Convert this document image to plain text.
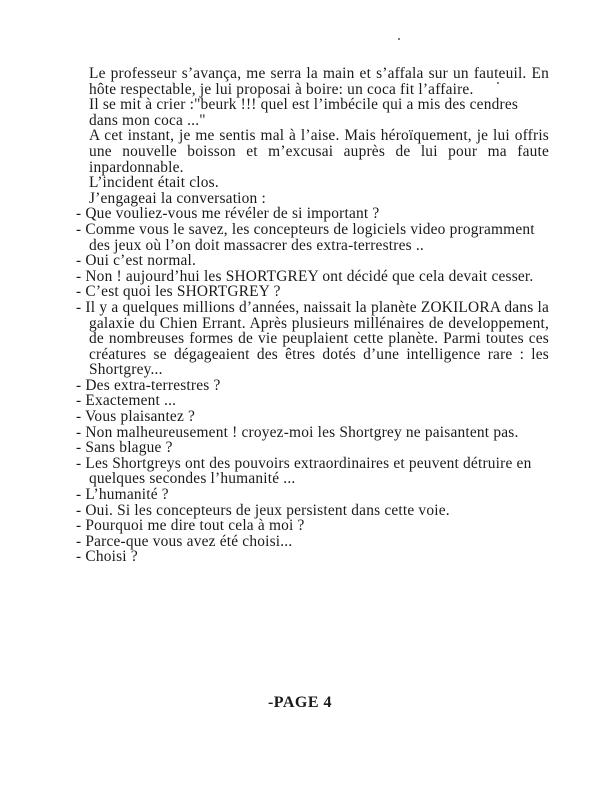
Le professeur s’avança, me serra la main et s’affala sur un fauteuil. En hôte respectable, je lui proposai à boire: un coca fit l’affaire.

Il se mit à crier :"beurk !!! quel est l’imbécile qui a mis des cendres dans mon coca ..."

A cet instant, je me sentis mal à l’aise. Mais héroïquement, je lui offris une nouvelle boisson et m’excusai auprès de lui pour ma faute inpardonnable.

L’incident était clos.

J’engageai la conversation :

- Que vouliez-vous me révéler de si important ?

- Comme vous le savez, les concepteurs de logiciels video programment des jeux où l’on doit massacrer des extra-terrestres ..

- Oui c’est normal.

- Non ! aujourd’hui les SHORTGREY ont décidé que cela devait cesser.

- C’est quoi les SHORTGREY ?

- Il y a quelques millions d’années, naissait la planète ZOKILORA dans la galaxie du Chien Errant. Après plusieurs millénaires de developpement, de nombreuses formes de vie peuplaient cette planète. Parmi toutes ces créatures se dégageaient des êtres dotés d’une intelligence rare : les Shortgrey...

- Des extra-terrestres ?

- Exactement ...

- Vous plaisantez ?

- Non malheureusement ! croyez-moi les Shortgrey ne paisantent pas.

- Sans blague ?

- Les Shortgreys ont des pouvoirs extraordinaires et peuvent détruire en quelques secondes l’humanité ...

- L’humanité ?

- Oui. Si les concepteurs de jeux persistent dans cette voie.

- Pourquoi me dire tout cela à moi ?

- Parce-que vous avez été choisi...

- Choisi ?

-PAGE 4
